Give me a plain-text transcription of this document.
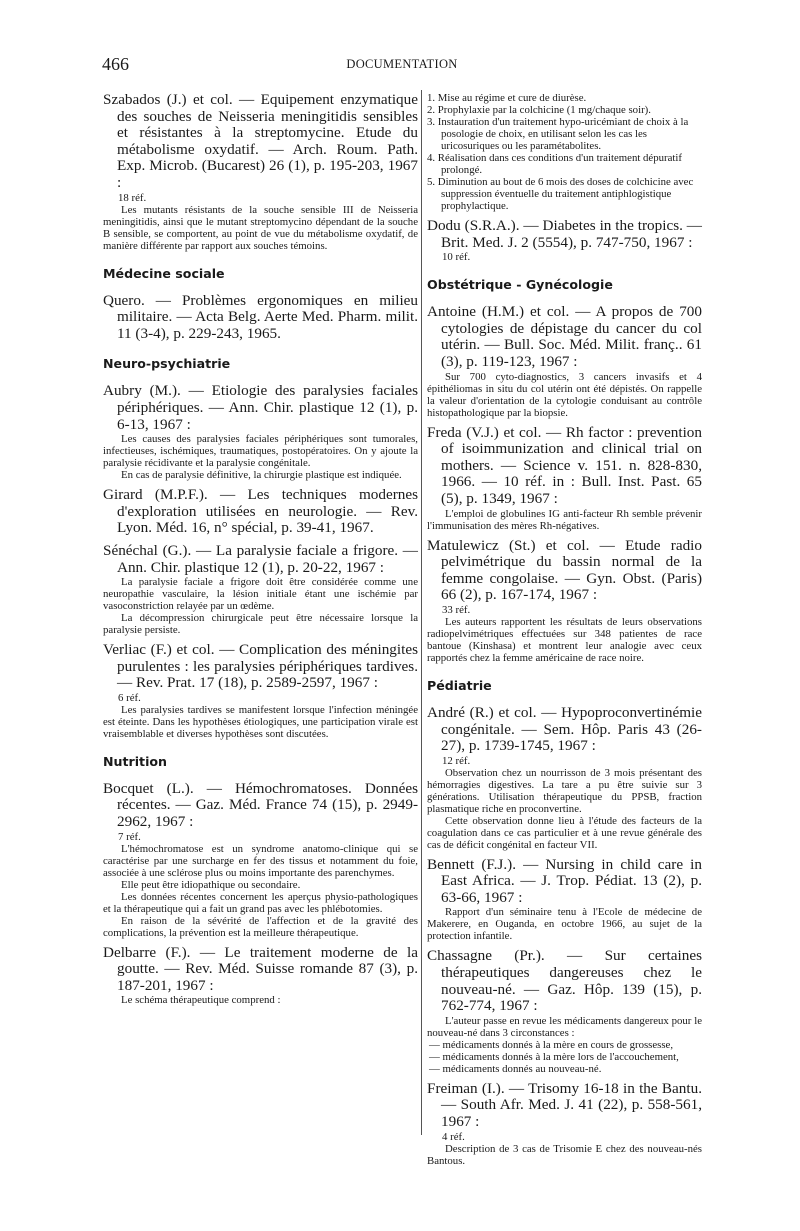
466	DOCUMENTATION

Szabados (J.) et col. — Equipement enzymatique des souches de Neisseria meningitidis sensibles et résistantes à la streptomycine. Etude du métabolisme oxydatif. — Arch. Roum. Path. Exp. Microb. (Bucarest) 26 (1), p. 195-203, 1967 :

18 réf.

Les mutants résistants de la souche sensible III de Neisseria meningitidis, ainsi que le mutant streptomycino dépendant de la souche B sensible, se comportent, au point de vue du métabolisme oxydatif, de manière différente par rapport aux souches témoins.

Médecine sociale

Quero. — Problèmes ergonomiques en milieu militaire. — Acta Belg. Aerte Med. Pharm. milit. 11 (3-4), p. 229-243, 1965.

Neuro-psychiatrie

Aubry (M.). — Etiologie des paralysies faciales périphériques. — Ann. Chir. plastique 12 (1), p. 6-13, 1967 :

Les causes des paralysies faciales périphériques sont tumorales, infectieuses, ischémiques, traumatiques, postopératoires. On y ajoute la paralysie récidivante et la paralysie congénitale.

En cas de paralysie définitive, la chirurgie plastique est indiquée.

Girard (M.P.F.). — Les techniques modernes d'exploration utilisées en neurologie. — Rev. Lyon. Méd. 16, n° spécial, p. 39-41, 1967.

Sénéchal (G.). — La paralysie faciale a frigore. — Ann. Chir. plastique 12 (1), p. 20-22, 1967 :

La paralysie faciale a frigore doit être considérée comme une neuropathie vasculaire, la lésion initiale étant une ischémie par vasoconstriction relayée par un œdème.

La décompression chirurgicale peut être nécessaire lorsque la paralysie persiste.

Verliac (F.) et col. — Complication des méningites purulentes : les paralysies périphériques tardives. — Rev. Prat. 17 (18), p. 2589-2597, 1967 :

6 réf.

Les paralysies tardives se manifestent lorsque l'infection méningée est éteinte. Dans les hypothèses étiologiques, une participation virale est vraisemblable et diverses hypothèses sont discutées.

Nutrition

Bocquet (L.). — Hémochromatoses. Données récentes. — Gaz. Méd. France 74 (15), p. 2949-2962, 1967 :

7 réf.

L'hémochromatose est un syndrome anatomo-clinique qui se caractérise par une surcharge en fer des tissus et notamment du foie, associée à une sclérose plus ou moins importante des parenchymes.

Elle peut être idiopathique ou secondaire.

Les données récentes concernent les aperçus physio-pathologiques et la thérapeutique qui a fait un grand pas avec les phlébotomies.

En raison de la sévérité de l'affection et de la gravité des complications, la prévention est la meilleure thérapeutique.

Delbarre (F.). — Le traitement moderne de la goutte. — Rev. Méd. Suisse romande 87 (3), p. 187-201, 1967 :

Le schéma thérapeutique comprend :

1. Mise au régime et cure de diurèse.
2. Prophylaxie par la colchicine (1 mg/chaque soir).
3. Instauration d'un traitement hypo-uricémiant de choix à la posologie de choix, en utilisant selon les cas les uricosuriques ou les paramétabolites.
4. Réalisation dans ces conditions d'un traitement dépuratif prolongé.
5. Diminution au bout de 6 mois des doses de colchicine avec suppression éventuelle du traitement antiphlogistique prophylactique.

Dodu (S.R.A.). — Diabetes in the tropics. — Brit. Med. J. 2 (5554), p. 747-750, 1967 :

10 réf.

Obstétrique - Gynécologie

Antoine (H.M.) et col. — A propos de 700 cytologies de dépistage du cancer du col utérin. — Bull. Soc. Méd. Milit. franç.. 61 (3), p. 119-123, 1967 :

Sur 700 cyto-diagnostics, 3 cancers invasifs et 4 épithéliomas in situ du col utérin ont été dépistés. On rappelle la valeur d'orientation de la cytologie conduisant au contrôle histopathologique par la biopsie.

Freda (V.J.) et col. — Rh factor : prevention of isoimmunization and clinical trial on mothers. — Science v. 151. n. 828-830, 1966. — 10 réf. in : Bull. Inst. Past. 65 (5), p. 1349, 1967 :

L'emploi de globulines IG anti-facteur Rh semble prévenir l'immunisation des mères Rh-négatives.

Matulewicz (St.) et col. — Etude radio pelvimétrique du bassin normal de la femme congolaise. — Gyn. Obst. (Paris) 66 (2), p. 167-174, 1967 :

33 réf.

Les auteurs rapportent les résultats de leurs observations radiopelvimétriques effectuées sur 348 patientes de race bantoue (Kinshasa) et montrent leur analogie avec ceux rapportés chez la femme américaine de race noire.

Pédiatrie

André (R.) et col. — Hypoproconvertinémie congénitale. — Sem. Hôp. Paris 43 (26-27), p. 1739-1745, 1967 :

12 réf.

Observation chez un nourrisson de 3 mois présentant des hémorragies digestives. La tare a pu être suivie sur 3 générations. Utilisation thérapeutique du PPSB, fraction plasmatique riche en proconvertine.

Cette observation donne lieu à l'étude des facteurs de la coagulation dans ce cas particulier et à une revue générale des cas de déficit congénital en facteur VII.

Bennett (F.J.). — Nursing in child care in East Africa. — J. Trop. Pédiat. 13 (2), p. 63-66, 1967 :

Rapport d'un séminaire tenu à l'Ecole de médecine de Makerere, en Ouganda, en octobre 1966, au sujet de la protection infantile.

Chassagne (Pr.). — Sur certaines thérapeutiques dangereuses chez le nouveau-né. — Gaz. Hôp. 139 (15), p. 762-774, 1967 :

L'auteur passe en revue les médicaments dangereux pour le nouveau-né dans 3 circonstances :

— médicaments donnés à la mère en cours de grossesse,

— médicaments donnés à la mère lors de l'accouchement,

— médicaments donnés au nouveau-né.

Freiman (I.). — Trisomy 16-18 in the Bantu. — South Afr. Med. J. 41 (22), p. 558-561, 1967 :

4 réf.

Description de 3 cas de Trisomie E chez des nouveau-nés Bantous.
